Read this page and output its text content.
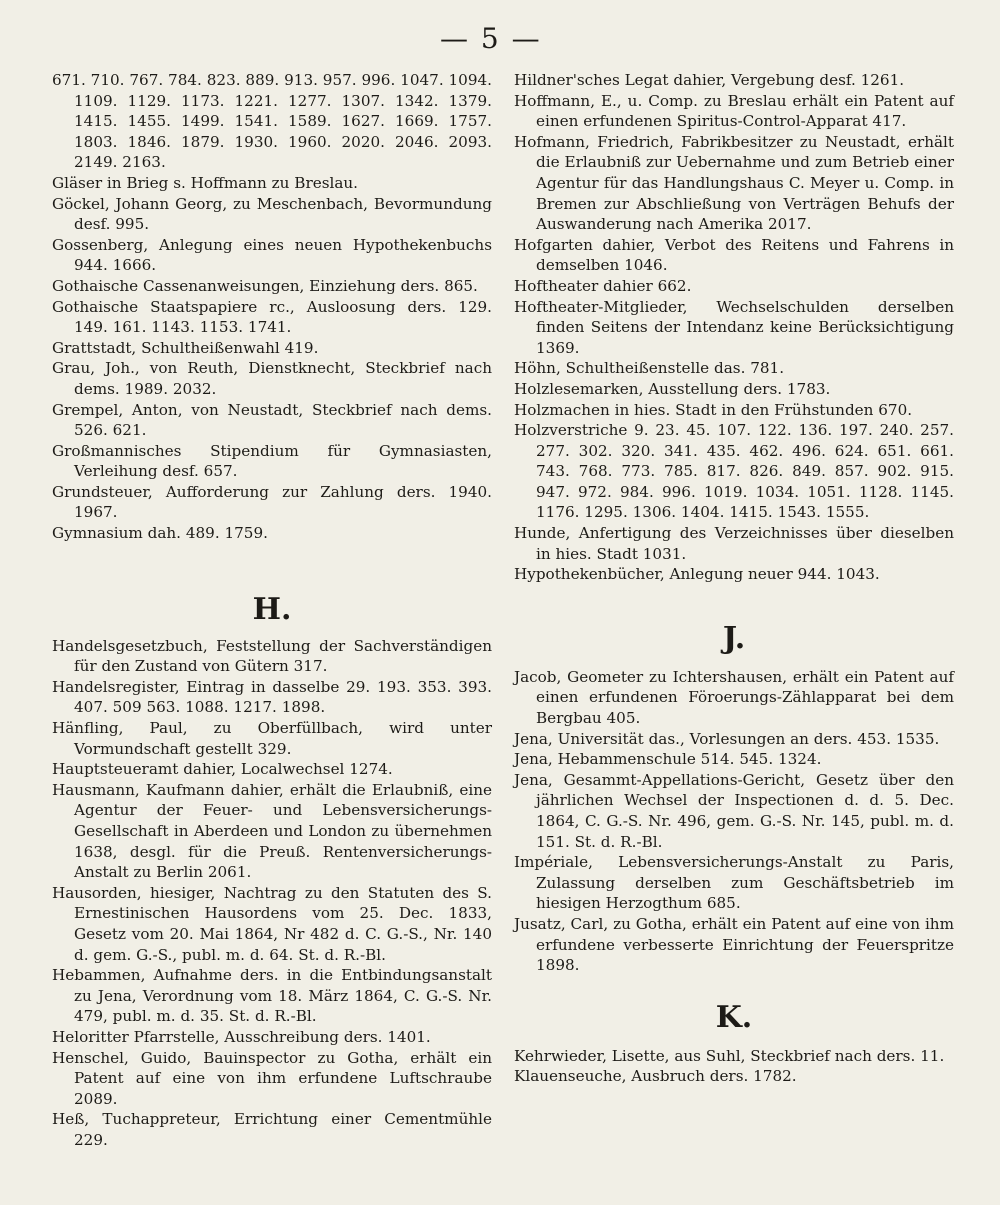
— 5 —

671. 710. 767. 784. 823. 889. 913. 957. 996. 1047. 1094. 1109. 1129. 1173. 1221. 1277. 1307. 1342. 1379. 1415. 1455. 1499. 1541. 1589. 1627. 1669. 1757. 1803. 1846. 1879. 1930. 1960. 2020. 2046. 2093. 2149. 2163.

Gläser in Brieg s. Hoffmann zu Breslau.

Göckel, Johann Georg, zu Meschenbach, Bevormundung desf. 995.

Gossenberg, Anlegung eines neuen Hypothekenbuchs 944. 1666.

Gothaische Cassenanweisungen, Einziehung ders. 865.

Gothaische Staatspapiere rc., Ausloosung ders. 129. 149. 161. 1143. 1153. 1741.

Grattstadt, Schultheißenwahl 419.

Grau, Joh., von Reuth, Dienstknecht, Steckbrief nach dems. 1989. 2032.

Grempel, Anton, von Neustadt, Steckbrief nach dems. 526. 621.

Großmannisches Stipendium für Gymnasiasten, Verleihung desf. 657.

Grundsteuer, Aufforderung zur Zahlung ders. 1940. 1967.

Gymnasium dah. 489. 1759.

H.

Handelsgesetzbuch, Feststellung der Sachverständigen für den Zustand von Gütern 317.

Handelsregister, Eintrag in dasselbe 29. 193. 353. 393. 407. 509 563. 1088. 1217. 1898.

Hänfling, Paul, zu Oberfüllbach, wird unter Vormundschaft gestellt 329.

Hauptsteueramt dahier, Localwechsel 1274.

Hausmann, Kaufmann dahier, erhält die Erlaubniß, eine Agentur der Feuer- und Lebensversicherungs-Gesellschaft in Aberdeen und London zu übernehmen 1638, desgl. für die Preuß. Rentenversicherungs-Anstalt zu Berlin 2061.

Hausorden, hiesiger, Nachtrag zu den Statuten des S. Ernestinischen Hausordens vom 25. Dec. 1833, Gesetz vom 20. Mai 1864, Nr 482 d. C. G.-S., Nr. 140 d. gem. G.-S., publ. m. d. 64. St. d. R.-Bl.

Hebammen, Aufnahme ders. in die Entbindungsanstalt zu Jena, Verordnung vom 18. März 1864, C. G.-S. Nr. 479, publ. m. d. 35. St. d. R.-Bl.

Heloritter Pfarrstelle, Ausschreibung ders. 1401.

Henschel, Guido, Bauinspector zu Gotha, erhält ein Patent auf eine von ihm erfundene Luftschraube 2089.

Heß, Tuchappreteur, Errichtung einer Cementmühle 229.

Hildner'sches Legat dahier, Vergebung desf. 1261.

Hoffmann, E., u. Comp. zu Breslau erhält ein Patent auf einen erfundenen Spiritus-Control-Apparat 417.

Hofmann, Friedrich, Fabrikbesitzer zu Neustadt, erhält die Erlaubniß zur Uebernahme und zum Betrieb einer Agentur für das Handlungshaus C. Meyer u. Comp. in Bremen zur Abschließung von Verträgen Behufs der Auswanderung nach Amerika 2017.

Hofgarten dahier, Verbot des Reitens und Fahrens in demselben 1046.

Hoftheater dahier 662.

Hoftheater-Mitglieder, Wechselschulden derselben finden Seitens der Intendanz keine Berücksichtigung 1369.

Höhn, Schultheißenstelle das. 781.

Holzlesemarken, Ausstellung ders. 1783.

Holzmachen in hies. Stadt in den Frühstunden 670.

Holzverstriche 9. 23. 45. 107. 122. 136. 197. 240. 257. 277. 302. 320. 341. 435. 462. 496. 624. 651. 661. 743. 768. 773. 785. 817. 826. 849. 857. 902. 915. 947. 972. 984. 996. 1019. 1034. 1051. 1128. 1145. 1176. 1295. 1306. 1404. 1415. 1543. 1555.

Hunde, Anfertigung des Verzeichnisses über dieselben in hies. Stadt 1031.

Hypothekenbücher, Anlegung neuer 944. 1043.

J.

Jacob, Geometer zu Ichtershausen, erhält ein Patent auf einen erfundenen Föroerungs-Zählapparat bei dem Bergbau 405.

Jena, Universität das., Vorlesungen an ders. 453. 1535.

Jena, Hebammenschule 514. 545. 1324.

Jena, Gesammt-Appellations-Gericht, Gesetz über den jährlichen Wechsel der Inspectionen d. d. 5. Dec. 1864, C. G.-S. Nr. 496, gem. G.-S. Nr. 145, publ. m. d. 151. St. d. R.-Bl.

Impériale, Lebensversicherungs-Anstalt zu Paris, Zulassung derselben zum Geschäftsbetrieb im hiesigen Herzogthum 685.

Jusatz, Carl, zu Gotha, erhält ein Patent auf eine von ihm erfundene verbesserte Einrichtung der Feuerspritze 1898.

K.

Kehrwieder, Lisette, aus Suhl, Steckbrief nach ders. 11.

Klauenseuche, Ausbruch ders. 1782.
